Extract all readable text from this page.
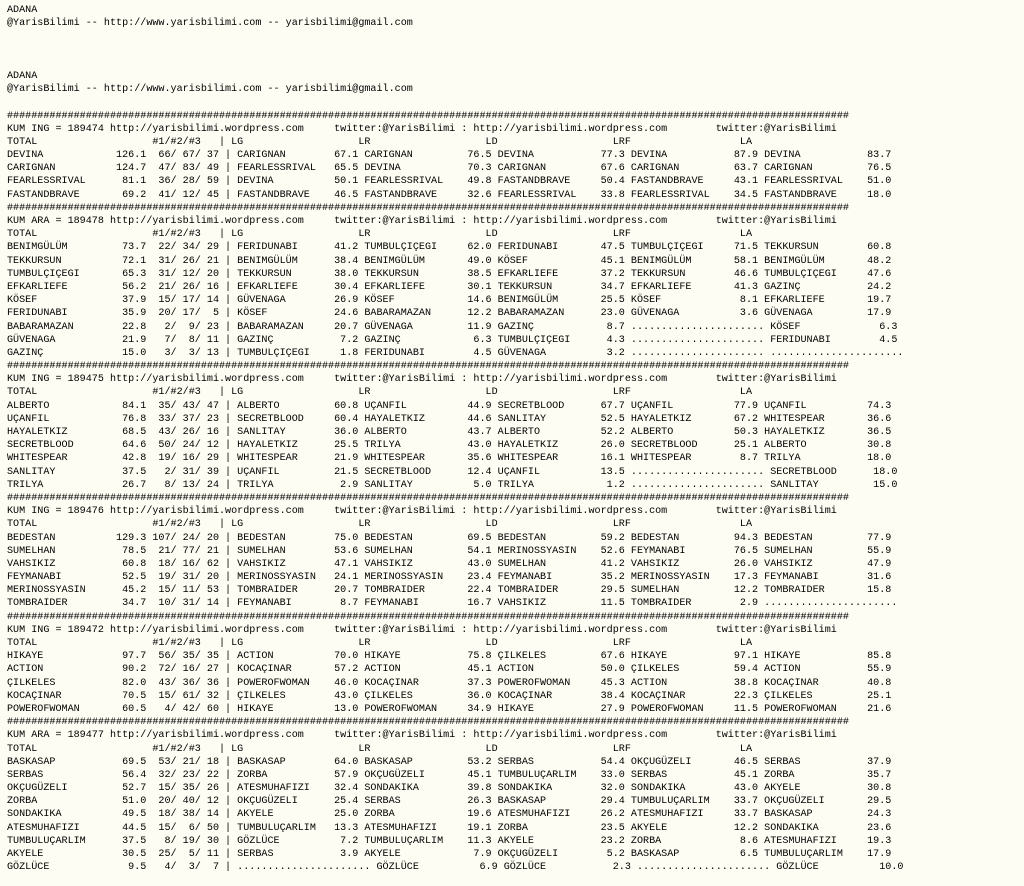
ADANA
@YarisBilimi -- http://www.yarisbilimi.com -- yarisbilimi@gmail.com

ADANA
@YarisBilimi -- http://www.yarisbilimi.com -- yarisbilimi@gmail.com

###########################################################################################################################################
KUM ING = 189474 http://yarisbilimi.wordpress.com     twitter:@YarisBilimi : http://yarisbilimi.wordpress.com        twitter:@YarisBilimi
TOTAL                   #1/#2/#3   | LG                   LR                   LD                   LRF                  LA
DEVINA            126.1  66/ 67/ 37 | CARIGNAN        67.1 CARIGNAN         76.5 DEVINA           77.3 DEVINA           87.9 DEVINA           83.7
CARIGNAN          124.7  47/ 83/ 49 | FEARLESSRIVAL   65.5 DEVINA           70.3 CARIGNAN         67.6 CARIGNAN         63.7 CARIGNAN         76.5
FEARLESSRIVAL      81.1  36/ 28/ 59 | DEVINA          50.1 FEARLESSRIVAL    49.8 FASTANDBRAVE     50.4 FASTANDBRAVE     43.1 FEARLESSRIVAL    51.0
FASTANDBRAVE       69.2  41/ 12/ 45 | FASTANDBRAVE    46.5 FASTANDBRAVE     32.6 FEARLESSRIVAL    33.8 FEARLESSRIVAL    34.5 FASTANDBRAVE     18.0
###########################################################################################################################################
KUM ARA = 189478 http://yarisbilimi.wordpress.com     twitter:@YarisBilimi : http://yarisbilimi.wordpress.com        twitter:@YarisBilimi
TOTAL                   #1/#2/#3   | LG                   LR                   LD                   LRF                  LA
BENIMGÜLÜM         73.7  22/ 34/ 29 | FERIDUNABI      41.2 TUMBULÇIÇEGI     62.0 FERIDUNABI       47.5 TUMBULÇIÇEGI     71.5 TEKKURSUN        60.8
TEKKURSUN          72.1  31/ 26/ 21 | BENIMGÜLÜM      38.4 BENIMGÜLÜM       49.0 KÖSEF            45.1 BENIMGÜLÜM       58.1 BENIMGÜLÜM       48.2
TUMBULÇIÇEGI       65.3  31/ 12/ 20 | TEKKURSUN       38.0 TEKKURSUN        38.5 EFKARLIEFE       37.2 TEKKURSUN        46.6 TUMBULÇIÇEGI     47.6
EFKARLIEFE         56.2  21/ 26/ 16 | EFKARLIEFE      30.4 EFKARLIEFE       30.1 TEKKURSUN        34.7 EFKARLIEFE       41.3 GAZINÇ           24.2
KÖSEF              37.9  15/ 17/ 14 | GÜVENAGA        26.9 KÖSEF            14.6 BENIMGÜLÜM       25.5 KÖSEF             8.1 EFKARLIEFE       19.7
FERIDUNABI         35.9  20/ 17/  5 | KÖSEF           24.6 BABARAMAZAN      12.2 BABARAMAZAN      23.0 GÜVENAGA          3.6 GÜVENAGA         17.9
BABARAMAZAN        22.8   2/  9/ 23 | BABARAMAZAN     20.7 GÜVENAGA         11.9 GAZINÇ            8.7 ...................... KÖSEF             6.3
GÜVENAGA           21.9   7/  8/ 11 | GAZINÇ           7.2 GAZINÇ            6.3 TUMBULÇIÇEGI      4.3 ...................... FERIDUNABI        4.5
GAZINÇ             15.0   3/  3/ 13 | TUMBULÇIÇEGI     1.8 FERIDUNABI        4.5 GÜVENAGA          3.2 ...................... ......................
###########################################################################################################################################
KUM ING = 189475 http://yarisbilimi.wordpress.com     twitter:@YarisBilimi : http://yarisbilimi.wordpress.com        twitter:@YarisBilimi
TOTAL                   #1/#2/#3   | LG                   LR                   LD                   LRF                  LA
ALBERTO            84.1  35/ 43/ 47 | ALBERTO         60.8 UÇANFIL          44.9 SECRETBLOOD      67.7 UÇANFIL          77.9 UÇANFIL          74.3
UÇANFIL            76.8  33/ 37/ 23 | SECRETBLOOD     60.4 HAYALETKIZ       44.6 SANLITAY         52.5 HAYALETKIZ       67.2 WHITESPEAR       36.6
HAYALETKIZ         68.5  43/ 26/ 16 | SANLITAY        36.0 ALBERTO          43.7 ALBERTO          52.2 ALBERTO          50.3 HAYALETKIZ       36.5
SECRETBLOOD        64.6  50/ 24/ 12 | HAYALETKIZ      25.5 TRILYA           43.0 HAYALETKIZ       26.0 SECRETBLOOD      25.1 ALBERTO          30.8
WHITESPEAR         42.8  19/ 16/ 29 | WHITESPEAR      21.9 WHITESPEAR       35.6 WHITESPEAR       16.1 WHITESPEAR        8.7 TRILYA           18.0
SANLITAY           37.5   2/ 31/ 39 | UÇANFIL         21.5 SECRETBLOOD      12.4 UÇANFIL          13.5 ...................... SECRETBLOOD      18.0
TRILYA             26.7   8/ 13/ 24 | TRILYA           2.9 SANLITAY          5.0 TRILYA            1.2 ...................... SANLITAY         15.0
###########################################################################################################################################
KUM ING = 189476 http://yarisbilimi.wordpress.com     twitter:@YarisBilimi : http://yarisbilimi.wordpress.com        twitter:@YarisBilimi
TOTAL                   #1/#2/#3   | LG                   LR                   LD                   LRF                  LA
BEDESTAN          129.3 107/ 24/ 20 | BEDESTAN        75.0 BEDESTAN         69.5 BEDESTAN         59.2 BEDESTAN         94.3 BEDESTAN         77.9
SUMELHAN           78.5  21/ 77/ 21 | SUMELHAN        53.6 SUMELHAN         54.1 MERINOSSYASIN    52.6 FEYMANABI        76.5 SUMELHAN         55.9
VAHSIKIZ           60.8  18/ 16/ 62 | VAHSIKIZ        47.1 VAHSIKIZ         43.0 SUMELHAN         41.2 VAHSIKIZ         26.0 VAHSIKIZ         47.9
FEYMANABI          52.5  19/ 31/ 20 | MERINOSSYASIN   24.1 MERINOSSYASIN    23.4 FEYMANABI        35.2 MERINOSSYASIN    17.3 FEYMANABI        31.6
MERINOSSYASIN      45.2  15/ 11/ 53 | TOMBRAIDER      20.7 TOMBRAIDER       22.4 TOMBRAIDER       29.5 SUMELHAN         12.2 TOMBRAIDER       15.8
TOMBRAIDER         34.7  10/ 31/ 14 | FEYMANABI        8.7 FEYMANABI        16.7 VAHSIKIZ         11.5 TOMBRAIDER        2.9 ......................
###########################################################################################################################################
KUM ING = 189472 http://yarisbilimi.wordpress.com     twitter:@YarisBilimi : http://yarisbilimi.wordpress.com        twitter:@YarisBilimi
TOTAL                   #1/#2/#3   | LG                   LR                   LD                   LRF                  LA
HIKAYE             97.7  56/ 35/ 35 | ACTION          70.0 HIKAYE           75.8 ÇILKELES         67.6 HIKAYE           97.1 HIKAYE           85.8
ACTION             90.2  72/ 16/ 27 | KOCAÇINAR       57.2 ACTION           45.1 ACTION           50.0 ÇILKELES         59.4 ACTION           55.9
ÇILKELES           82.0  43/ 36/ 36 | POWEROFWOMAN    46.0 KOCAÇINAR        37.3 POWEROFWOMAN     45.3 ACTION           38.8 KOCAÇINAR        40.8
KOCAÇINAR          70.5  15/ 61/ 32 | ÇILKELES        43.0 ÇILKELES         36.0 KOCAÇINAR        38.4 KOCAÇINAR        22.3 ÇILKELES         25.1
POWEROFWOMAN       60.5   4/ 42/ 60 | HIKAYE          13.0 POWEROFWOMAN     34.9 HIKAYE           27.9 POWEROFWOMAN     11.5 POWEROFWOMAN     21.6
###########################################################################################################################################
KUM ARA = 189477 http://yarisbilimi.wordpress.com     twitter:@YarisBilimi : http://yarisbilimi.wordpress.com        twitter:@YarisBilimi
TOTAL                   #1/#2/#3   | LG                   LR                   LD                   LRF                  LA
BASKASAP           69.5  53/ 21/ 18 | BASKASAP        64.0 BASKASAP         53.2 SERBAS           54.4 OKÇUGÜZELI       46.5 SERBAS           37.9
SERBAS             56.4  32/ 23/ 22 | ZORBA           57.9 OKÇUGÜZELI       45.1 TUMBULUÇARLIM    33.0 SERBAS           45.1 ZORBA            35.7
OKÇUGÜZELI         52.7  15/ 35/ 26 | ATESMUHAFIZI    32.4 SONDAKIKA        39.8 SONDAKIKA        32.0 SONDAKIKA        43.0 AKYELE           30.8
ZORBA              51.0  20/ 40/ 12 | OKÇUGÜZELI      25.4 SERBAS           26.3 BASKASAP         29.4 TUMBULUÇARLIM    33.7 OKÇUGÜZELI       29.5
SONDAKIKA          49.5  18/ 38/ 14 | AKYELE          25.0 ZORBA            19.6 ATESMUHAFIZI     26.2 ATESMUHAFIZI     33.7 BASKASAP         24.3
ATESMUHAFIZI       44.5  15/  6/ 50 | TUMBULUÇARLIM   13.3 ATESMUHAFIZI     19.1 ZORBA            23.5 AKYELE           12.2 SONDAKIKA        23.6
TUMBULUÇARLIM      37.5   8/ 19/ 30 | GÖZLÜCE          7.2 TUMBULUÇARLIM    11.3 AKYELE           23.2 ZORBA             8.6 ATESMUHAFIZI     19.3
AKYELE             30.5  25/  5/ 11 | SERBAS           3.9 AKYELE            7.9 OKÇUGÜZELI        5.2 BASKASAP          6.5 TUMBULUÇARLIM    17.9
GÖZLÜCE             9.5   4/  3/  7 | ...................... GÖZLÜCE          6.9 GÖZLÜCE           2.3 ...................... GÖZLÜCE          10.0
